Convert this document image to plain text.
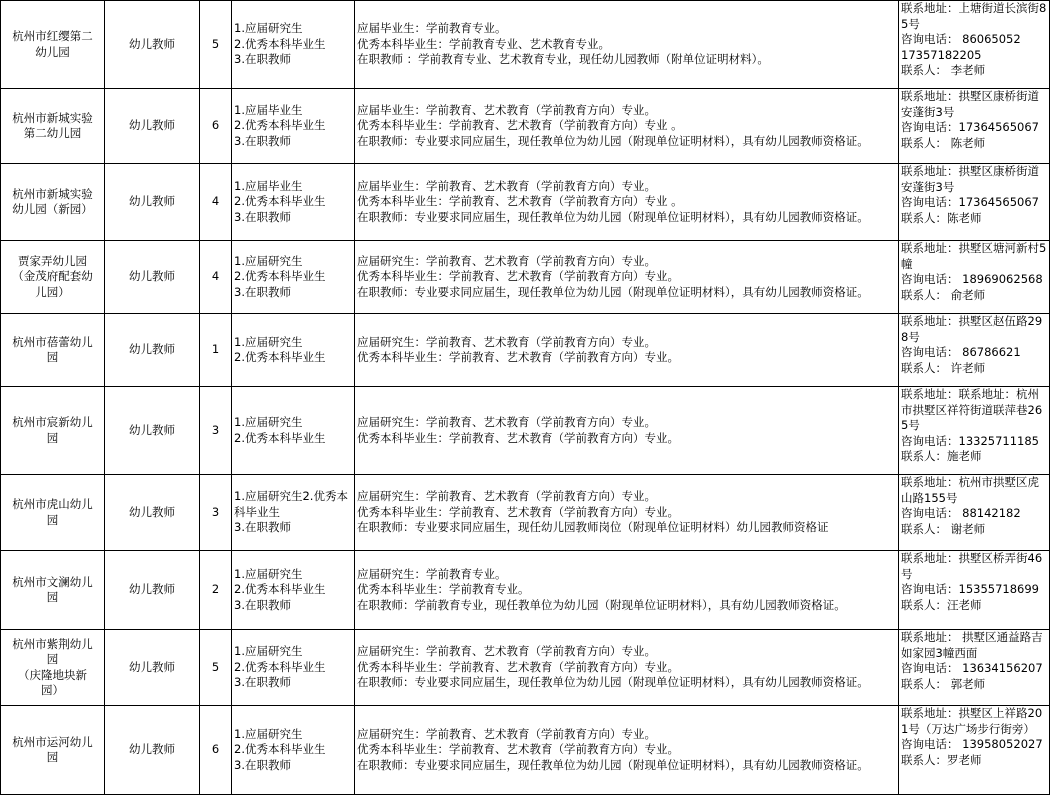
杭州市红缨第二
幼儿园	幼儿教师	5	1.应届研究生
2.优秀本科毕业生
3.在职教师	应届毕业生：学前教育专业。
优秀本科毕业生：学前教育专业、艺术教育专业。
在职教师 ：学前教育专业、艺术教育专业，现任幼儿园教师（附单位证明材料）。	联系地址：上塘街道长滨街85号
咨询电话： 86065052
17357182205
联系人： 李老师
杭州市新城实验
第二幼儿园	幼儿教师	6	1.应届毕业生
2.优秀本科毕业生
3.在职教师	应届毕业生：学前教育、艺术教育（学前教育方向）专业。
优秀本科毕业生：学前教育、艺术教育（学前教育方向）专业 。
在职教师：专业要求同应届生，现任教单位为幼儿园（附现单位证明材料），具有幼儿园教师资格证。	联系地址：拱墅区康桥街道安蓬街3号
咨询电话：17364565067
联系人： 陈老师
杭州市新城实验
幼儿园（新园）	幼儿教师	4	1.应届毕业生
2.优秀本科毕业生
3.在职教师	应届毕业生：学前教育、艺术教育（学前教育方向）专业。
优秀本科毕业生：学前教育、艺术教育（学前教育方向）专业 。
在职教师：专业要求同应届生，现任教单位为幼儿园（附现单位证明材料），具有幼儿园教师资格证。	联系地址：拱墅区康桥街道安蓬街3号
咨询电话：17364565067
联系人：陈老师
贾家弄幼儿园
（金茂府配套幼
儿园）	幼儿教师	4	1.应届研究生
2.优秀本科毕业生
3.在职教师	应届研究生：学前教育、艺术教育（学前教育方向）专业。
优秀本科毕业生：学前教育、艺术教育（学前教育方向）专业。
在职教师：专业要求同应届生，现任教单位为幼儿园（附现单位证明材料），具有幼儿园教师资格证。	联系地址：拱墅区塘河新村5幢
咨询电话： 18969062568
联系人： 俞老师
杭州市蓓蕾幼儿
园	幼儿教师	1	1.应届研究生
2.优秀本科毕业生	应届研究生：学前教育、艺术教育（学前教育方向）专业。
优秀本科毕业生：学前教育、艺术教育（学前教育方向）专业。	联系地址：拱墅区赵伍路298号
咨询电话： 86786621
联系人： 许老师
杭州市宸新幼儿
园	幼儿教师	3	1.应届研究生
2.优秀本科毕业生	应届研究生：学前教育、艺术教育（学前教育方向）专业。
优秀本科毕业生：学前教育、艺术教育（学前教育方向）专业。	联系地址：联系地址：杭州市拱墅区祥符街道联萍巷265号
咨询电话：13325711185
联系人：施老师
杭州市虎山幼儿
园	幼儿教师	3	1.应届研究生2.优秀本科毕业生
3.在职教师	应届研究生：学前教育、艺术教育（学前教育方向）专业。
优秀本科毕业生：学前教育、艺术教育（学前教育方向）专业。
在职教师：专业要求同应届生，现任幼儿园教师岗位（附现单位证明材料）幼儿园教师资格证	联系地址：杭州市拱墅区虎山路155号
咨询电话： 88142182
联系人： 谢老师
杭州市文澜幼儿
园	幼儿教师	2	1.应届研究生
2.优秀本科毕业生
3.在职教师	应届研究生：学前教育专业。
优秀本科毕业生：学前教育专业。
在职教师：学前教育专业，现任教单位为幼儿园（附现单位证明材料），具有幼儿园教师资格证。	联系地址：拱墅区桥弄街46号
咨询电话：15355718699
联系人：汪老师
杭州市紫荆幼儿
园
（庆隆地块新
园）	幼儿教师	5	1.应届研究生
2.优秀本科毕业生
3.在职教师	应届研究生：学前教育、艺术教育（学前教育方向）专业。
优秀本科毕业生：学前教育、艺术教育（学前教育方向）专业。
在职教师：专业要求同应届生，现任教单位为幼儿园（附现单位证明材料），具有幼儿园教师资格证。	联系地址： 拱墅区通益路吉如家园3幢西面
咨询电话： 13634156207
联系人： 郭老师
杭州市运河幼儿
园	幼儿教师	6	1.应届研究生
2.优秀本科毕业生
3.在职教师	应届研究生：学前教育、艺术教育（学前教育方向）专业。
优秀本科毕业生：学前教育、艺术教育（学前教育方向）专业。
在职教师：专业要求同应届生，现任教单位为幼儿园（附现单位证明材料），具有幼儿园教师资格证。	联系地址：拱墅区上祥路201号（万达广场步行街旁）
咨询电话： 13958052027
联系人：罗老师
